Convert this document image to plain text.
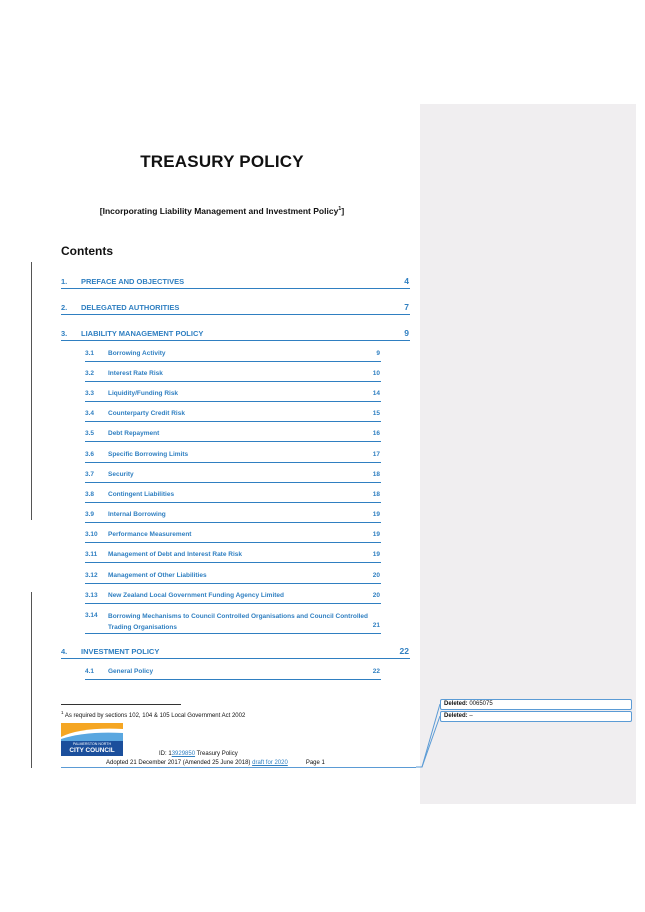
TREASURY POLICY
[Incorporating Liability Management and Investment Policy$^1$]
Contents
1. PREFACE AND OBJECTIVES	4
2. DELEGATED AUTHORITIES	7
3. LIABILITY MANAGEMENT POLICY	9
3.1 Borrowing Activity	9
3.2 Interest Rate Risk	10
3.3 Liquidity/Funding Risk	14
3.4 Counterparty Credit Risk	15
3.5 Debt Repayment	16
3.6 Specific Borrowing Limits	17
3.7 Security	18
3.8 Contingent Liabilities	18
3.9 Internal Borrowing	19
3.10 Performance Measurement	19
3.11 Management of Debt and Interest Rate Risk	19
3.12 Management of Other Liabilities	20
3.13 New Zealand Local Government Funding Agency Limited	20
3.14 Borrowing Mechanisms to Council Controlled Organisations and Council Controlled Trading Organisations	21
4. INVESTMENT POLICY	22
4.1 General Policy	22
$^1$ As required by sections 102, 104 & 105 Local Government Act 2002
PALMERSTON NORTH
CITY COUNCIL	ID: 13929850 Treasury Policy
Adopted 21 December 2017 (Amended 25 June 2018) draft for 2020	Page 1
Deleted: 0065075
Deleted: –
